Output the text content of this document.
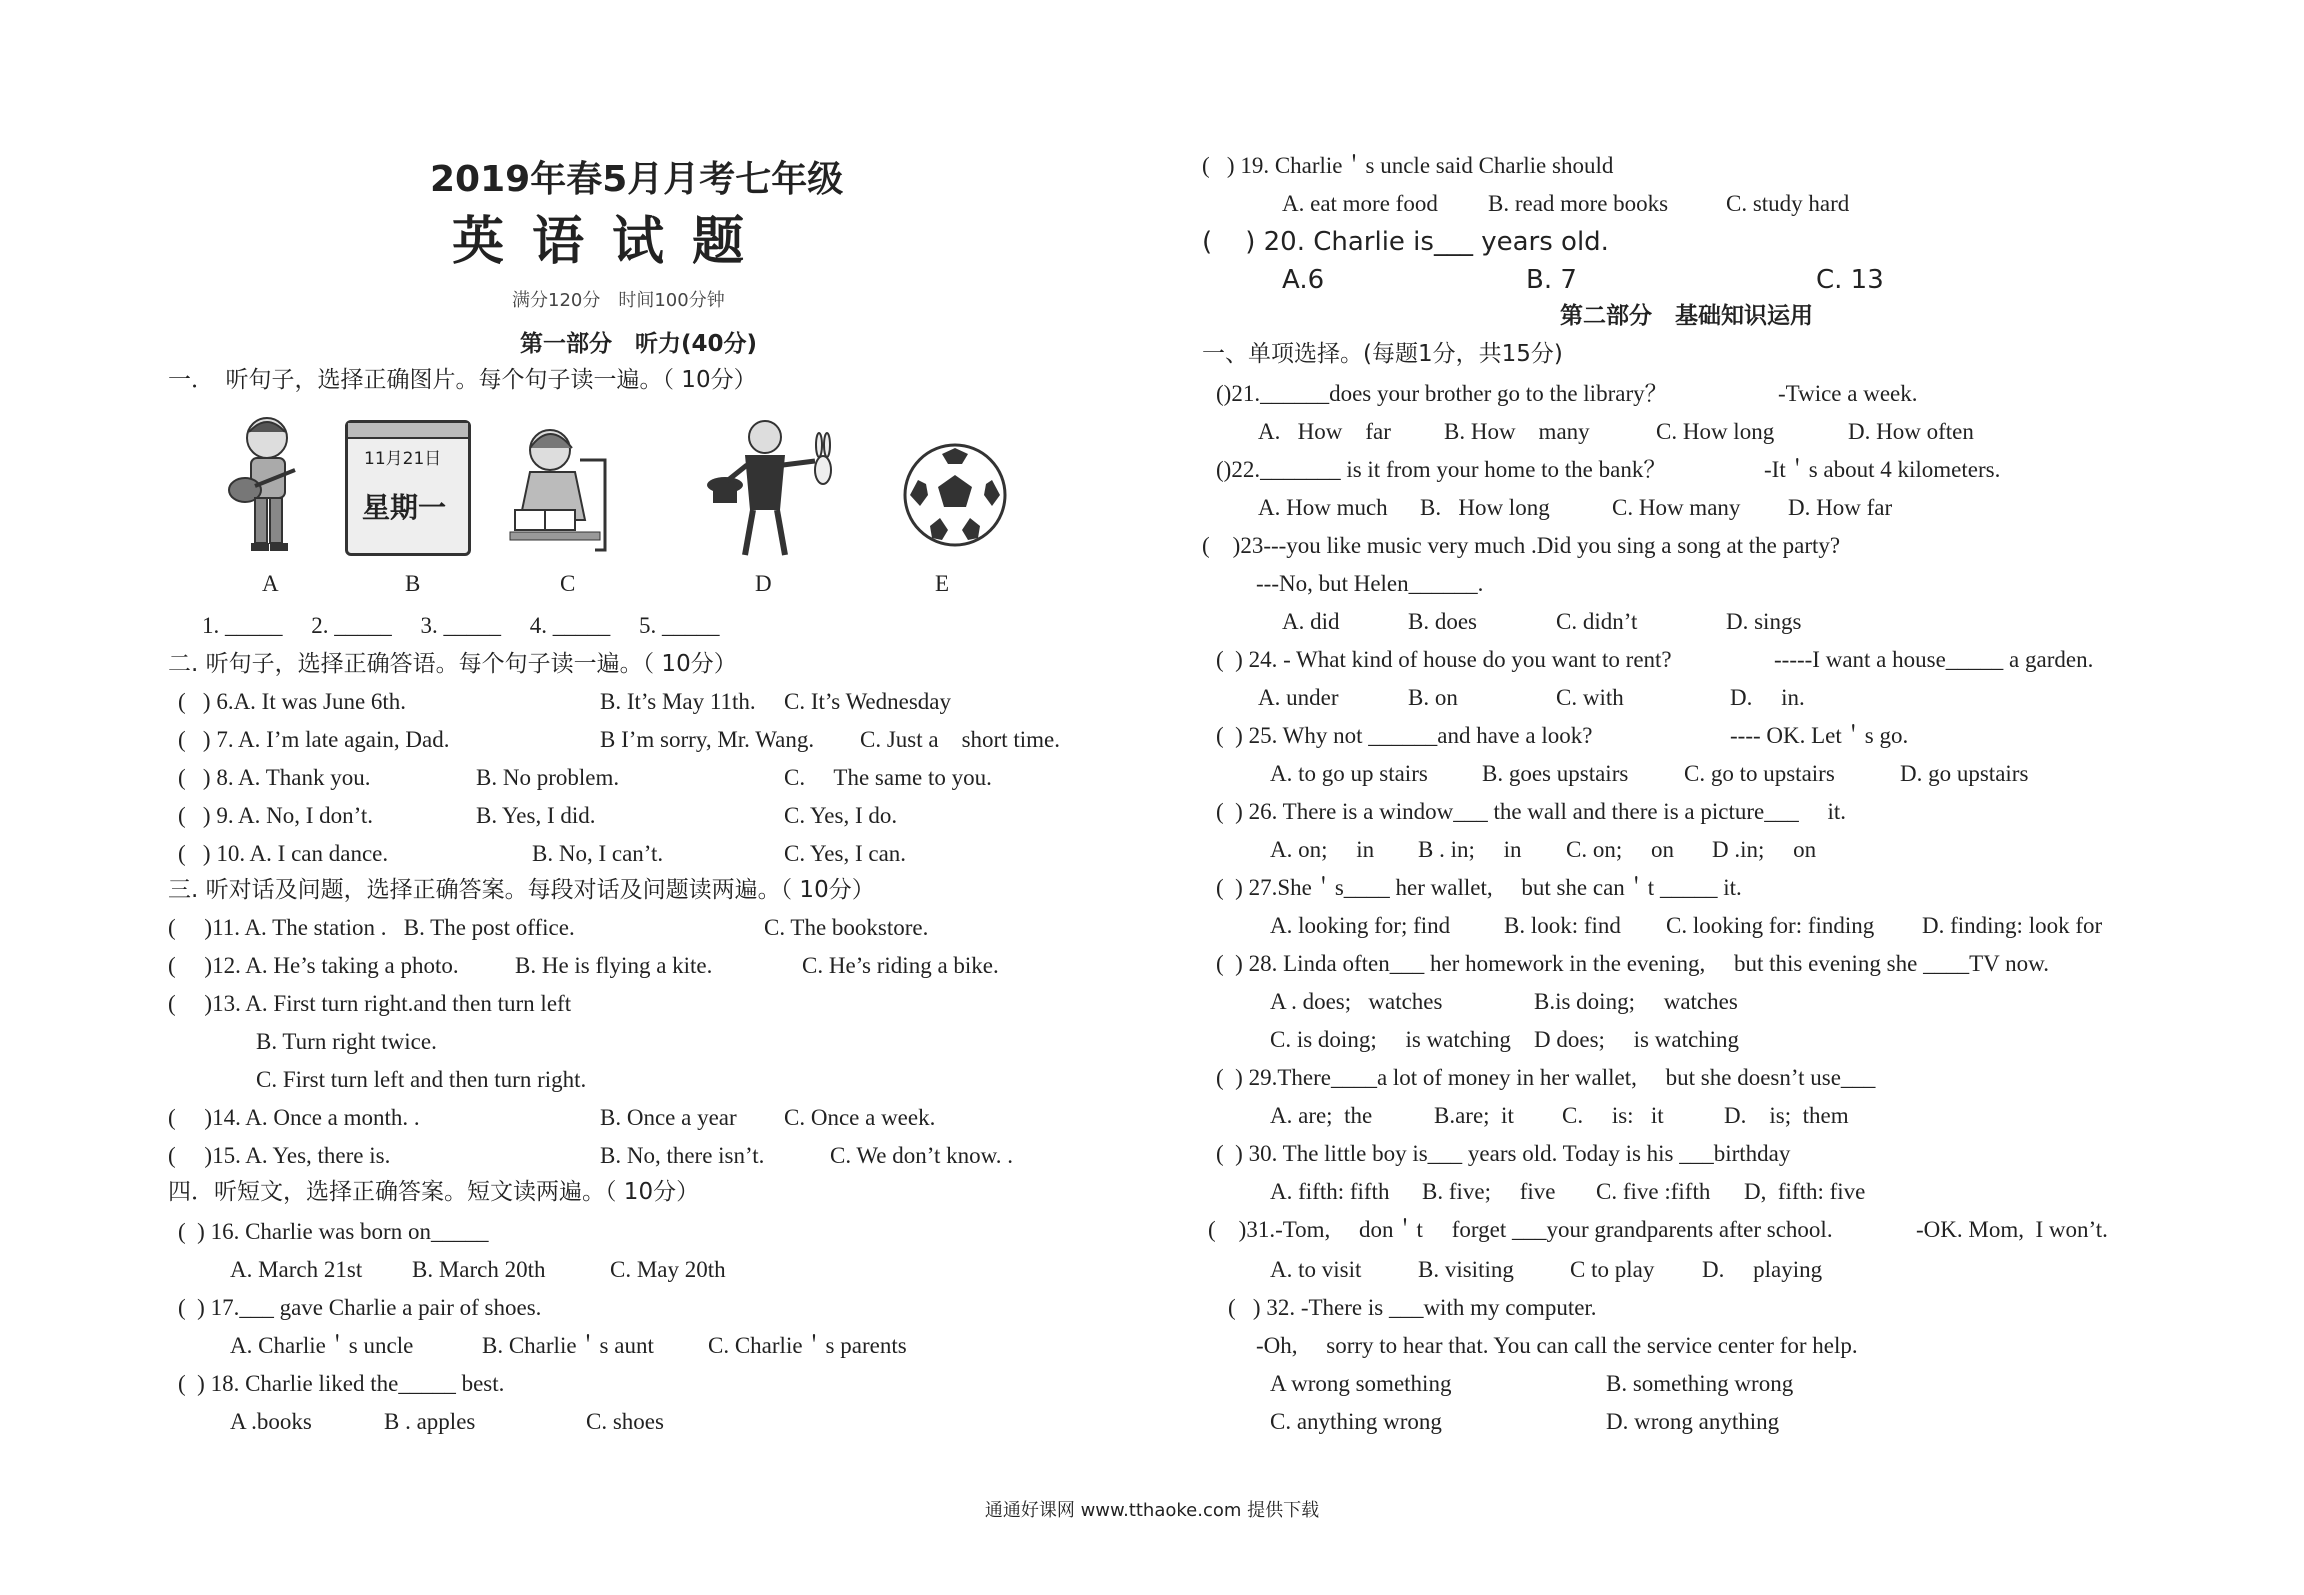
2019年春5月月考七年级
英语试题
满分120分　时间100分钟
第一部分　听力(40分)
一．　听句子，选择正确图片。每个句子读一遍。（ 10分）
11月21日
星期一
A	B	C	D	E
1. _____     2. _____     3. _____     4. _____     5. _____
二. 听句子，选择正确答语。每个句子读一遍。（ 10分）
(   ) 6.A. It was June 6th.	B. It’s May 11th. C. It’s Wednesday
(   ) 7. A. I’m late again, Dad.	B I’m sorry, Mr. Wang. C. Just a    short time.
(   ) 8. A. Thank you.	B. No problem.	C.     The same to you.
(   ) 9. A. No, I don’t.	B. Yes, I did.	C. Yes, I do.
(   ) 10. A. I can dance.	B. No, I can’t.	C. Yes, I can.
三. 听对话及问题，选择正确答案。每段对话及问题读两遍。（ 10分）
(     )11. A. The station .   B. The post office.	C. The bookstore.
(     )12. A. He’s taking a photo. B. He is flying a kite.	C. He’s riding a bike.
(     )13. A. First turn right.and then turn left
B. Turn right twice.
C. First turn left and then turn right.
(     )14. A. Once a month. .	B. Once a year C. Once a week.
(     )15. A. Yes, there is.	B. No, there isn’t.	C. We don’t know. .
四．听短文，选择正确答案。短文读两遍。（ 10分）
(  ) 16. Charlie was born on_____
A. March 21st B. March 20th	C. May 20th
(  ) 17.___ gave Charlie a pair of shoes.
A. Charlie＇s uncle	B. Charlie＇s aunt C. Charlie＇s parents
(  ) 18. Charlie liked the_____ best.
A .books	B . apples	C. shoes
(   ) 19. Charlie＇s uncle said Charlie should
A. eat more food B. read more books	C. study hard
(    ) 20. Charlie is___ years old.
A.6	B. 7	C. 13
第二部分　基础知识运用
一、单项选择。(每题1分，共15分)
()21.______does your brother go to the library？	-Twice a week.
A.   How    far B. How    many	C. How long	D. How often
()22._______ is it from your home to the bank？	-It＇s about 4 kilometers.
A. How much B.   How long	C. How many D. How far
(    )23---you like music very much .Did you sing a song at the party?
---No, but Helen______.
A. did	B. does	C. didn’t	D. sings
(  ) 24. - What kind of house do you want to rent?	-----I want a house_____ a garden.
A. under	B. on	C. with	D.     in.
(  ) 25. Why not ______and have a look?	---- OK. Let＇s go.
A. to go up stairs B. goes upstairs C. go to upstairs	D. go upstairs
(  ) 26. There is a window___ the wall and there is a picture___     it.
A. on;     in B . in;     in C. on;     on D .in;     on
(  ) 27.She＇s____ her wallet,     but she can＇t _____ it.
A. looking for; find B. look: find C. looking for: finding D. finding: look for
(  ) 28. Linda often___ her homework in the evening,     but this evening she ____TV now.
A . does;   watches	B.is doing;     watches
C. is doing;     is watching D does;     is watching
(  ) 29.There____a lot of money in her wallet,     but she doesn’t use___
A. are;  the	B.are;  it C.     is:   it	D.    is;  them
(  ) 30. The little boy is___ years old. Today is his ___birthday
A. fifth: fifth B. five;     five C. five :fifth D,  fifth: five
(    )31.-Tom,     don＇t     forget ___your grandparents after school.	-OK. Mom,  I won’t.
A. to visit B. visiting C to play D.     playing
(   ) 32. -There is ___with my computer.
-Oh,     sorry to hear that. You can call the service center for help.
A wrong something	B. something wrong
C. anything wrong	D. wrong anything
通通好课网 www.tthaoke.com 提供下载
